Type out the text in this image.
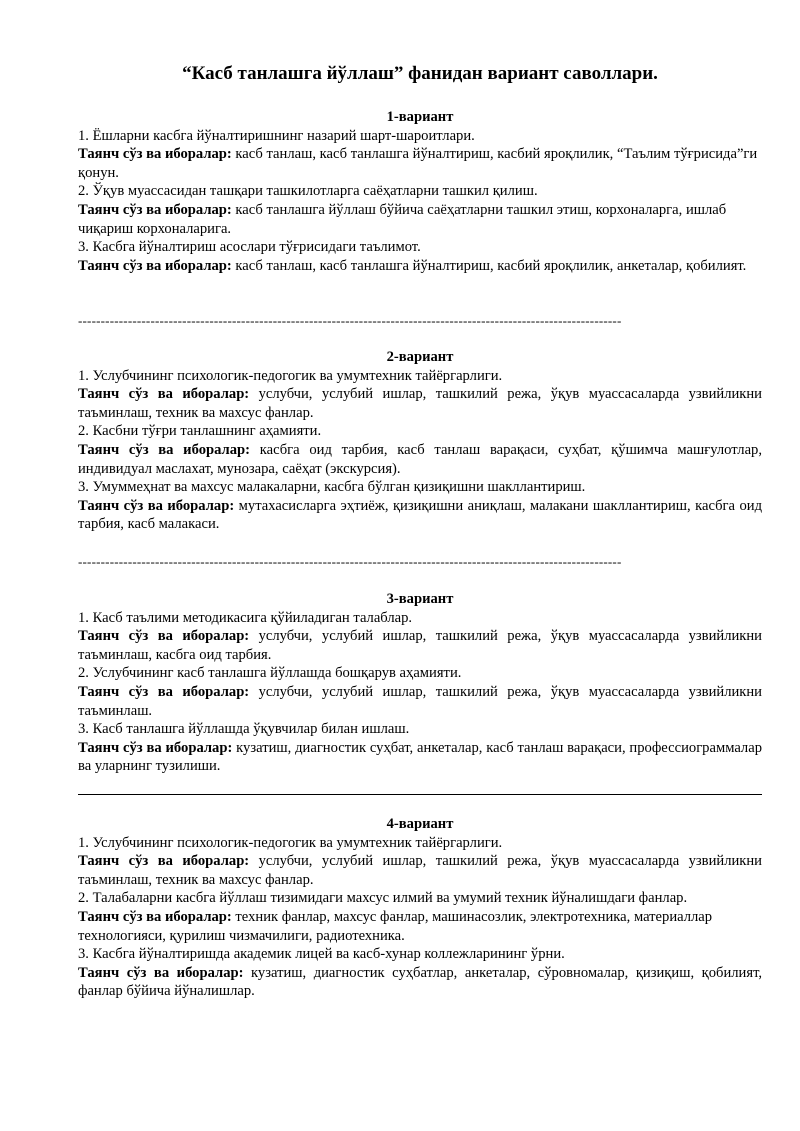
“Касб танлашга йўллаш” фанидан вариант саволлари.
1-вариант

1. Ёшларни касбга йўналтиришнинг назарий шарт-шароитлари.

Таянч сўз ва иборалар: касб танлаш, касб танлашга йўналтириш, касбий яроқлилик, “Таълим тўғрисида”ги қонун.

2. Ўқув муассасидан ташқари ташкилотларга саёҳатларни ташкил қилиш.

Таянч сўз ва иборалар: касб танлашга йўллаш бўйича саёҳатларни ташкил этиш, корхоналарга, ишлаб чиқариш корхоналарига.

3. Касбга йўналтириш асослари тўғрисидаги таълимот.

Таянч сўз ва иборалар: касб танлаш, касб танлашга йўналтириш, касбий яроқлилик, анкеталар, қобилият.

------------------------------------------------------------------------------------------------------------------------
2-вариант

1. Услубчининг психологик-педогогик ва умумтехник тайёргарлиги.

Таянч сўз ва иборалар: услубчи, услубий ишлар, ташкилий режа, ўқув муассасаларда узвийликни таъминлаш, техник ва махсус фанлар.

2. Касбни тўғри танлашнинг аҳамияти.

Таянч сўз ва иборалар: касбга оид тарбия, касб танлаш варақаси, суҳбат, қўшимча машғулотлар, индивидуал маслахат, мунозара, саёҳат (экскурсия).

3. Умуммеҳнат ва махсус малакаларни, касбга бўлган қизиқишни шакллантириш.

Таянч сўз ва иборалар: мутахасисларга эҳтиёж, қизиқишни аниқлаш, малакани шакллантириш, касбга оид тарбия, касб малакаси.

------------------------------------------------------------------------------------------------------------------------
3-вариант

1. Касб таълими методикасига қўйиладиган талаблар.

Таянч сўз ва иборалар: услубчи, услубий ишлар, ташкилий режа, ўқув муассасаларда узвийликни таъминлаш, касбга оид тарбия.

2. Услубчининг касб танлашга йўллашда бошқарув аҳамияти.

Таянч сўз ва иборалар: услубчи, услубий ишлар, ташкилий режа, ўқув муассасаларда узвийликни таъминлаш.

3. Касб танлашга йўллашда ўқувчилар билан ишлаш.

Таянч сўз ва иборалар: кузатиш, диагностик суҳбат, анкеталар, касб танлаш варақаси, профессиограммалар ва уларнинг тузилиши.

4-вариант

1. Услубчининг психологик-педогогик ва умумтехник тайёргарлиги.

Таянч сўз ва иборалар: услубчи, услубий ишлар, ташкилий режа, ўқув муассасаларда узвийликни таъминлаш, техник ва махсус фанлар.

2. Талабаларни касбга йўллаш тизимидаги махсус илмий ва умумий техник йўналишдаги фанлар.

Таянч сўз ва иборалар: техник фанлар, махсус фанлар, машинасозлик, электротехника, материаллар технологияси, қурилиш чизмачилиги, радиотехника.

3. Касбга йўналтиришда академик лицей ва касб-хунар коллежларининг ўрни.

Таянч сўз ва иборалар: кузатиш, диагностик суҳбатлар, анкеталар, сўровномалар, қизиқиш, қобилият, фанлар бўйича йўналишлар.
